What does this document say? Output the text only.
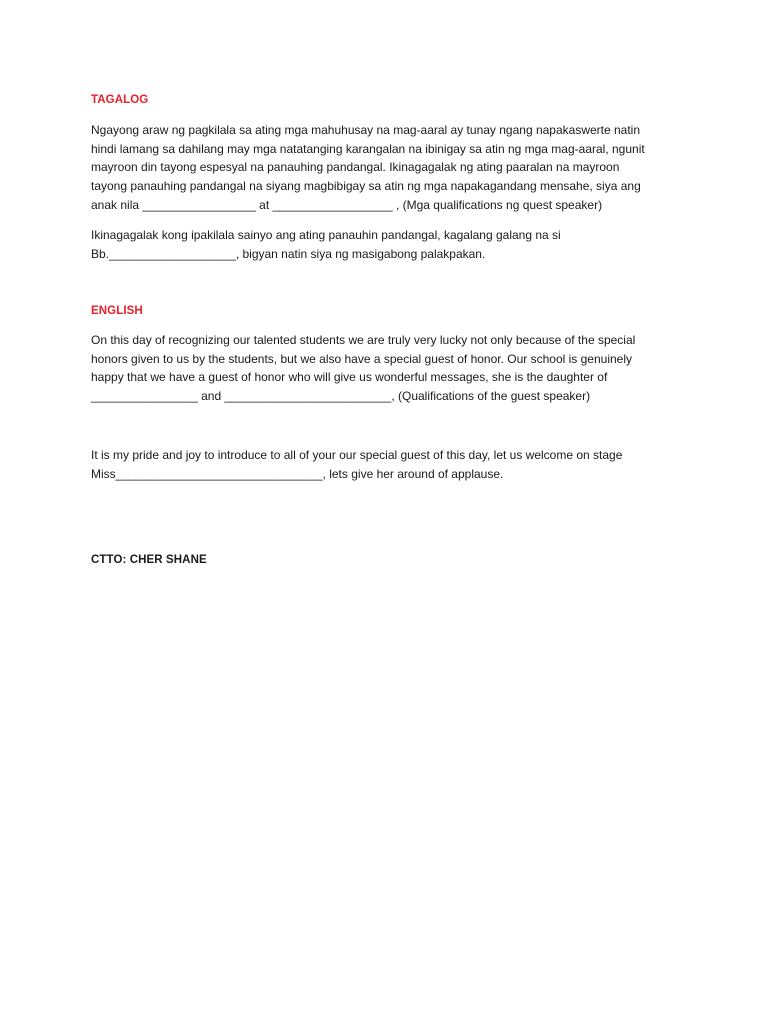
TAGALOG
Ngayong araw ng pagkilala sa ating mga mahuhusay na mag-aaral ay tunay ngang napakaswerte natin
hindi lamang sa dahilang may mga natatanging karangalan na ibinigay sa atin ng mga mag-aaral, ngunit
mayroon din tayong espesyal na panauhing pandangal. Ikinagagalak ng ating paaralan na mayroon
tayong panauhing pandangal na siyang magbibigay sa atin ng mga napakagandang mensahe, siya ang
anak nila _________________ at __________________ , (Mga qualifications ng quest speaker)
Ikinagagalak kong ipakilala sainyo ang ating panauhin pandangal, kagalang galang na si
Bb.___________________, bigyan natin siya ng masigabong palakpakan.
ENGLISH
On this day of recognizing our talented students we are truly very lucky not only because of the special
honors given to us by the students, but we also have a special guest of honor. Our school is genuinely
happy that we have a guest of honor who will give us wonderful messages, she is the daughter of
________________ and _________________________, (Qualifications of the guest speaker)
It is my pride and joy to introduce to all of your our special guest of this day, let us welcome on stage
Miss_______________________________, lets give her around of applause.
CTTO: CHER SHANE
